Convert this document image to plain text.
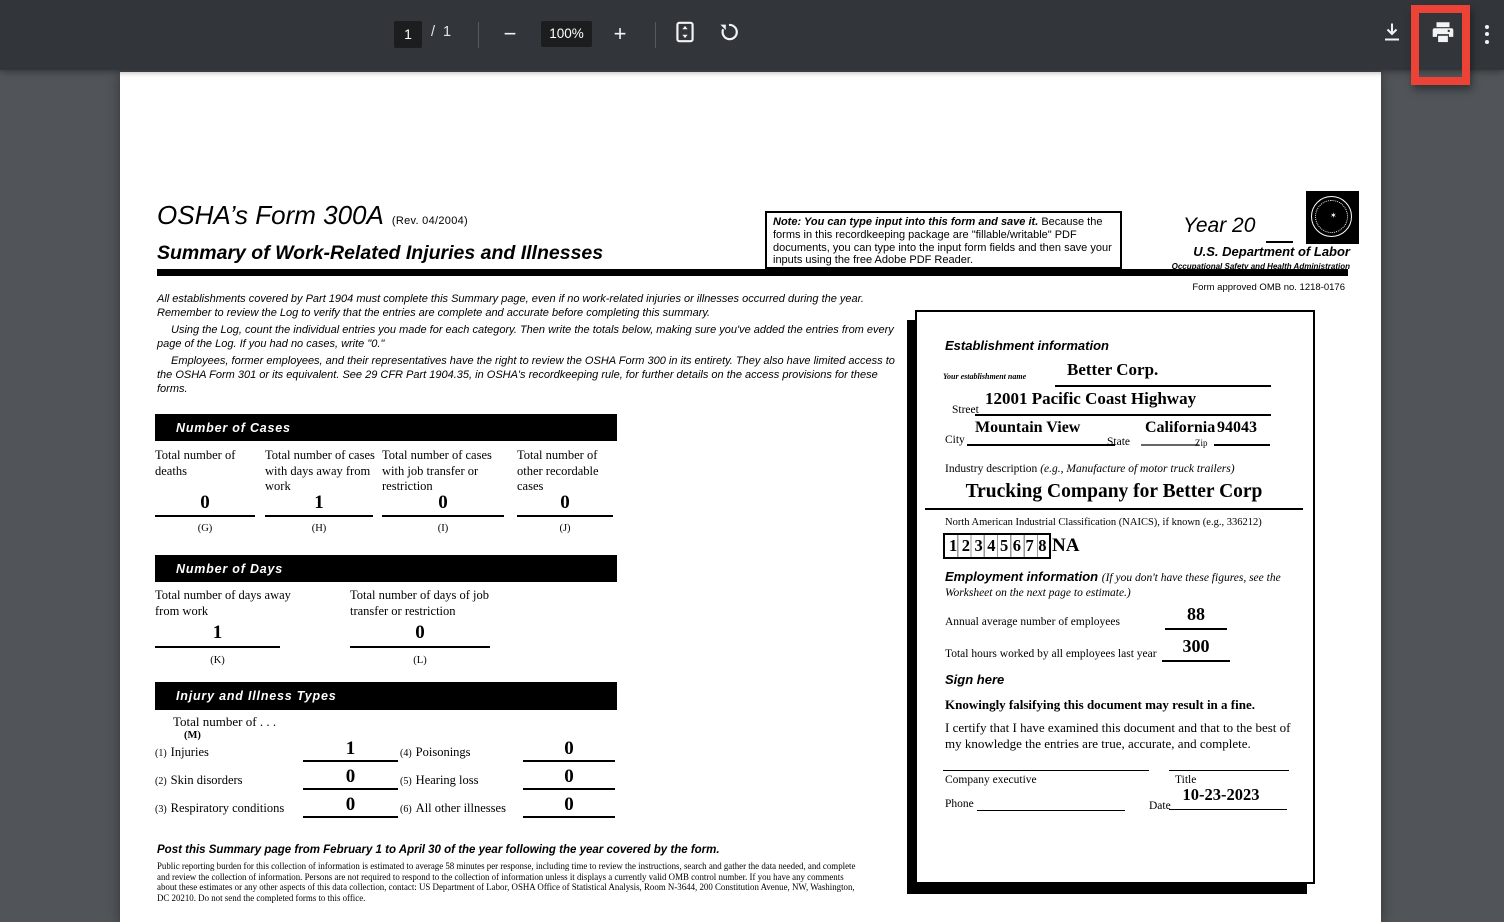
1	/ 1	−	100%	+
OSHA’s Form 300A (Rev. 04/2004)
Summary of Work-Related Injuries and Illnesses
Note: You can type input into this form and save it. Because the forms in this recordkeeping package are "fillable/writable" PDF documents, you can type into the input form fields and then save your inputs using the free Adobe PDF Reader.
Year 20	✶
U.S. Department of Labor
Occupational Safety and Health Administration
Form approved OMB no. 1218-0176

All establishments covered by Part 1904 must complete this Summary page, even if no work-related injuries or illnesses occurred during the year. Remember to review the Log to verify that the entries are complete and accurate before completing this summary.

Using the Log, count the individual entries you made for each category. Then write the totals below, making sure you've added the entries from every page of the Log. If you had no cases, write "0."

Employees, former employees, and their representatives have the right to review the OSHA Form 300 in its entirety. They also have limited access to the OSHA Form 301 or its equivalent. See 29 CFR Part 1904.35, in OSHA's recordkeeping rule, for further details on the access provisions for these forms.

Number of Cases
Total number of deaths
0
(G)
Total number of cases with days away from work
1
(H)
Total number of cases with job transfer or restriction
0
(I)
Total number of other recordable cases
0
(J)
Number of Days
Total number of days away from work
1
(K)
Total number of days of job transfer or restriction
0
(L)
Injury and Illness Types
Total number of . . .
(M)
(1) Injuries	1	(4) Poisonings	0
(2) Skin disorders	0	(5) Hearing loss	0
(3) Respiratory conditions	0	(6) All other illnesses	0
Post this Summary page from February 1 to April 30 of the year following the year covered by the form.
Public reporting burden for this collection of information is estimated to average 58 minutes per response, including time to review the instructions, search and gather the data needed, and complete and review the collection of information. Persons are not required to respond to the collection of information unless it displays a currently valid OMB control number. If you have any comments about these estimates or any other aspects of this data collection, contact: US Department of Labor, OSHA Office of Statistical Analysis, Room N-3644, 200 Constitution Avenue, NW, Washington, DC 20210. Do not send the completed forms to this office.
Establishment information
Your establishment name	Better Corp.
Street
12001 Pacific Coast Highway
City
Mountain View
State
California
Zip
94043
Industry description (e.g., Manufacture of motor truck trailers)
Trucking Company for Better Corp
North American Industrial Classification (NAICS), if known (e.g., 336212)
12345678 NA
Employment information (If you don't have these figures, see the Worksheet on the next page to estimate.)
Annual average number of employees	88
Total hours worked by all employees last year	300
Sign here
Knowingly falsifying this document may result in a fine.
I certify that I have examined this document and that to the best of my knowledge the entries are true, accurate, and complete.
Company executive	Title
Phone	Date
10-23-2023
